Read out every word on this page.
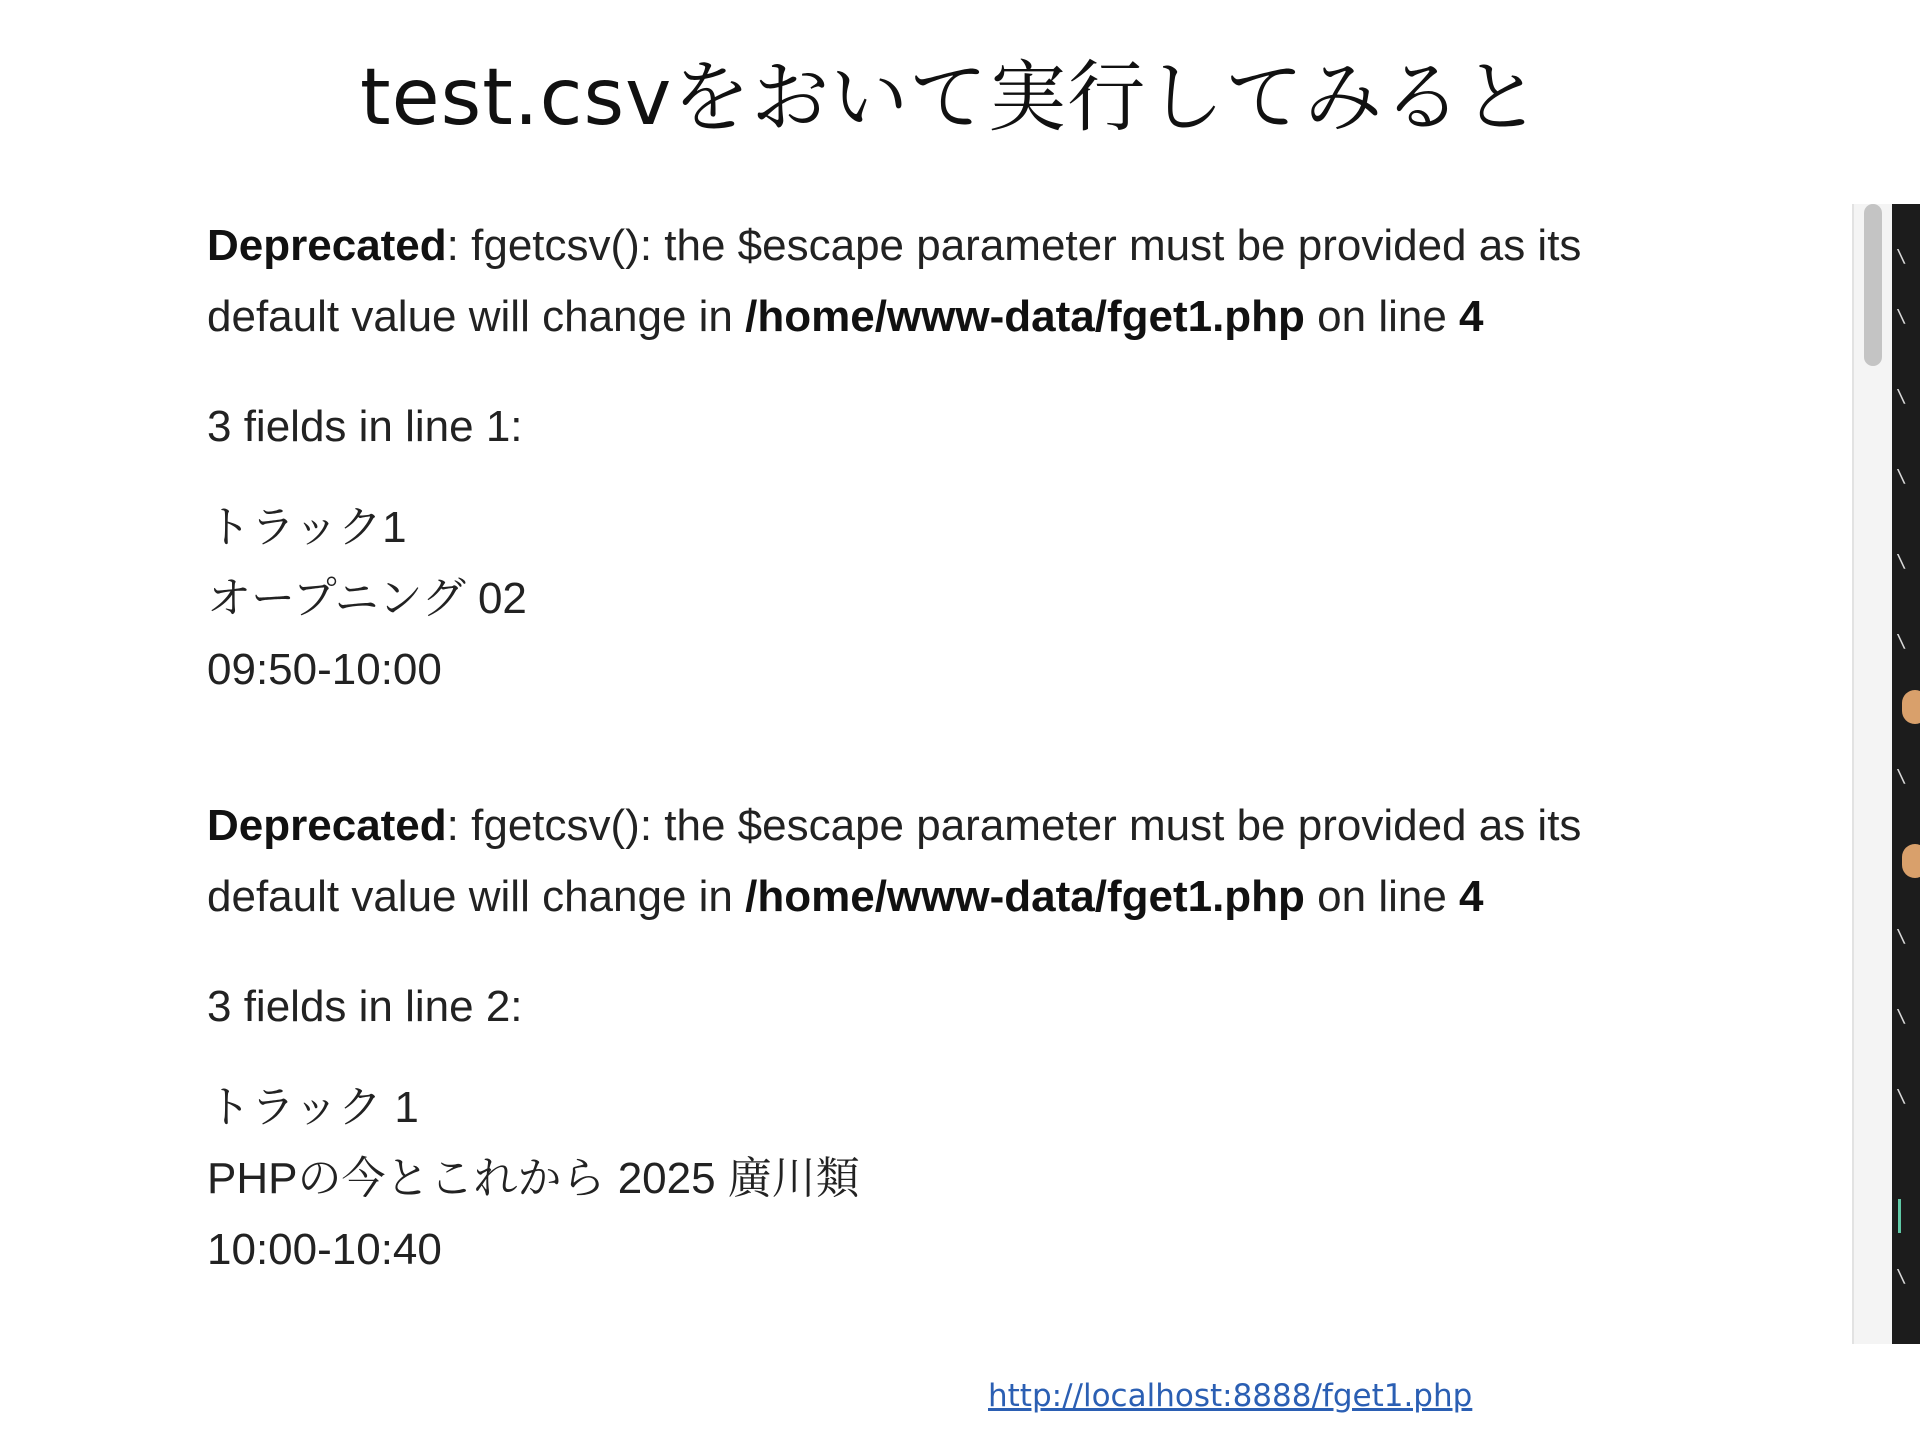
test.csvをおいて実行してみると
Deprecated: fgetcsv(): the $escape parameter must be provided as its
default value will change in /home/www-data/fget1.php on line 4
3 fields in line 1:
トラック1
オープニング 02
09:50-10:00
Deprecated: fgetcsv(): the $escape parameter must be provided as its
default value will change in /home/www-data/fget1.php on line 4
3 fields in line 2:
トラック 1
PHPの今とこれから 2025 廣川類
10:00-10:40
\
\
\
\
\
\
\
\
\
\
\
http://localhost:8888/fget1.php
